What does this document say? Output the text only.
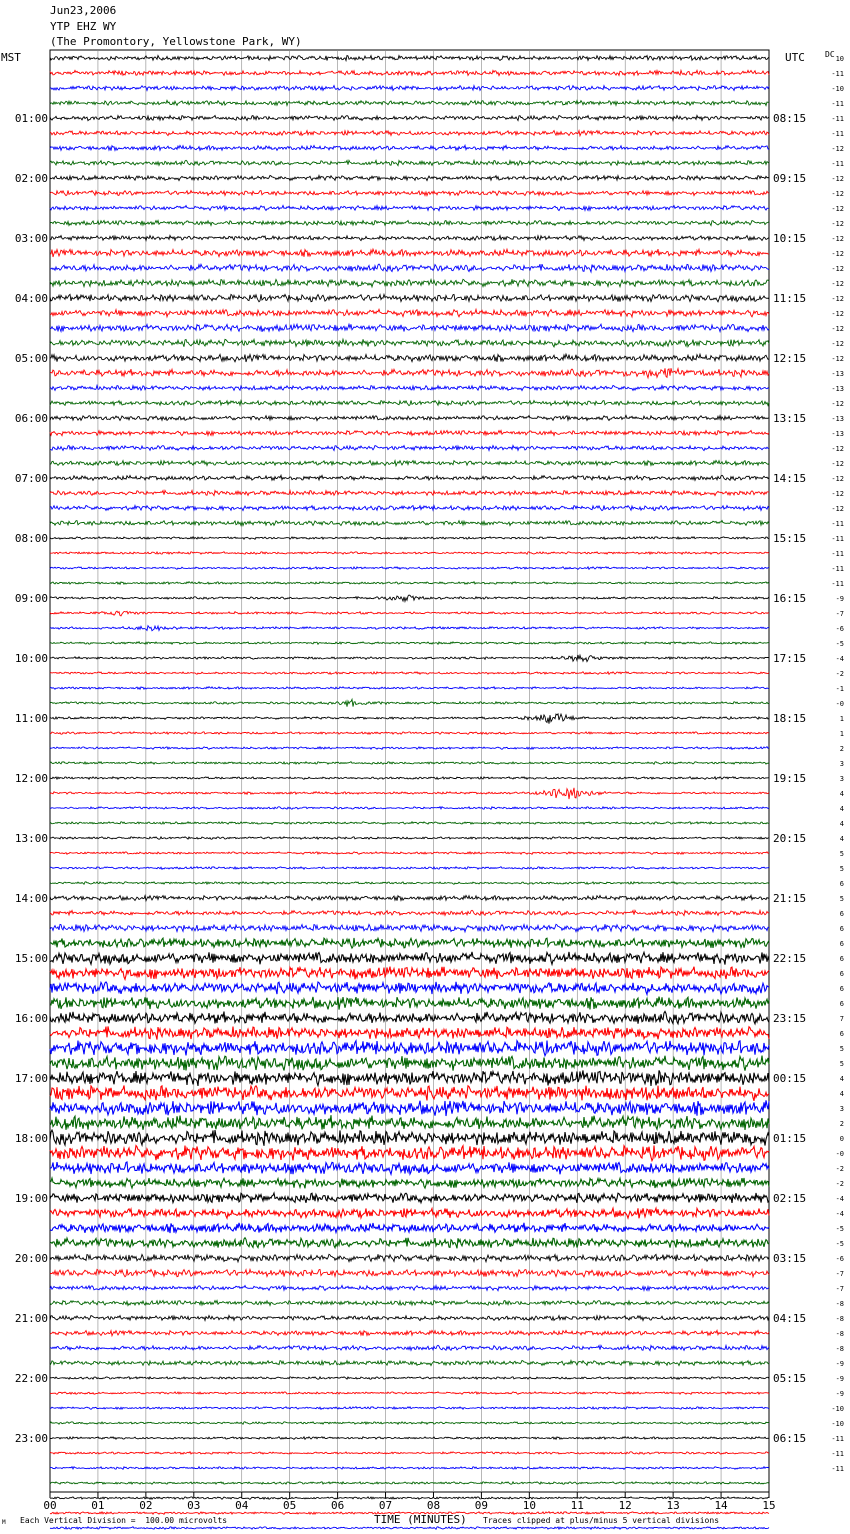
Jun23,2006
YTP EHZ WY
(The Promontory, Yellowstone Park, WY)
MST	UTC	DC
00	01	02	03	04	05	06	07	08	09	10	11	12	13	14	15
10
-11
-10
-11
-11
-11
-12
-11
-12
-12
-12
-12
-12
-12
-12
-12
-12
-12
-12
-12
-12
-13
-13
-12
-13
-13
-12
-12
-12
-12
-12
-11
-11
-11
-11
-11
-9
-7
-6
-5
-4
-2
-1
-0
1
1
2
3
3
4
4
4
4
5
5
6
5
6
6
6
6
6
6
6
7
6
5
5
4
4
3
2
0
-0
-2
-2
-4
-4
-5
-5
-6
-7
-7
-8
-8
-8
-8
-9
-9
-9
-10
-10
-11
-11
-11
01:00
02:00
03:00
04:00
05:00
06:00
07:00
08:00
09:00
10:00
11:00
12:00
13:00
14:00
15:00
16:00
17:00
18:00
19:00
20:00
21:00
22:00
23:00
08:15
09:15
10:15
11:15
12:15
13:15
14:15
15:15
16:15
17:15
18:15
19:15
20:15
21:15
22:15
23:15
00:15
01:15
02:15
03:15
04:15
05:15
06:15
M Each Vertical Division =  100.00 microvolts	TIME (MINUTES) Traces clipped at plus/minus 5 vertical divisions
